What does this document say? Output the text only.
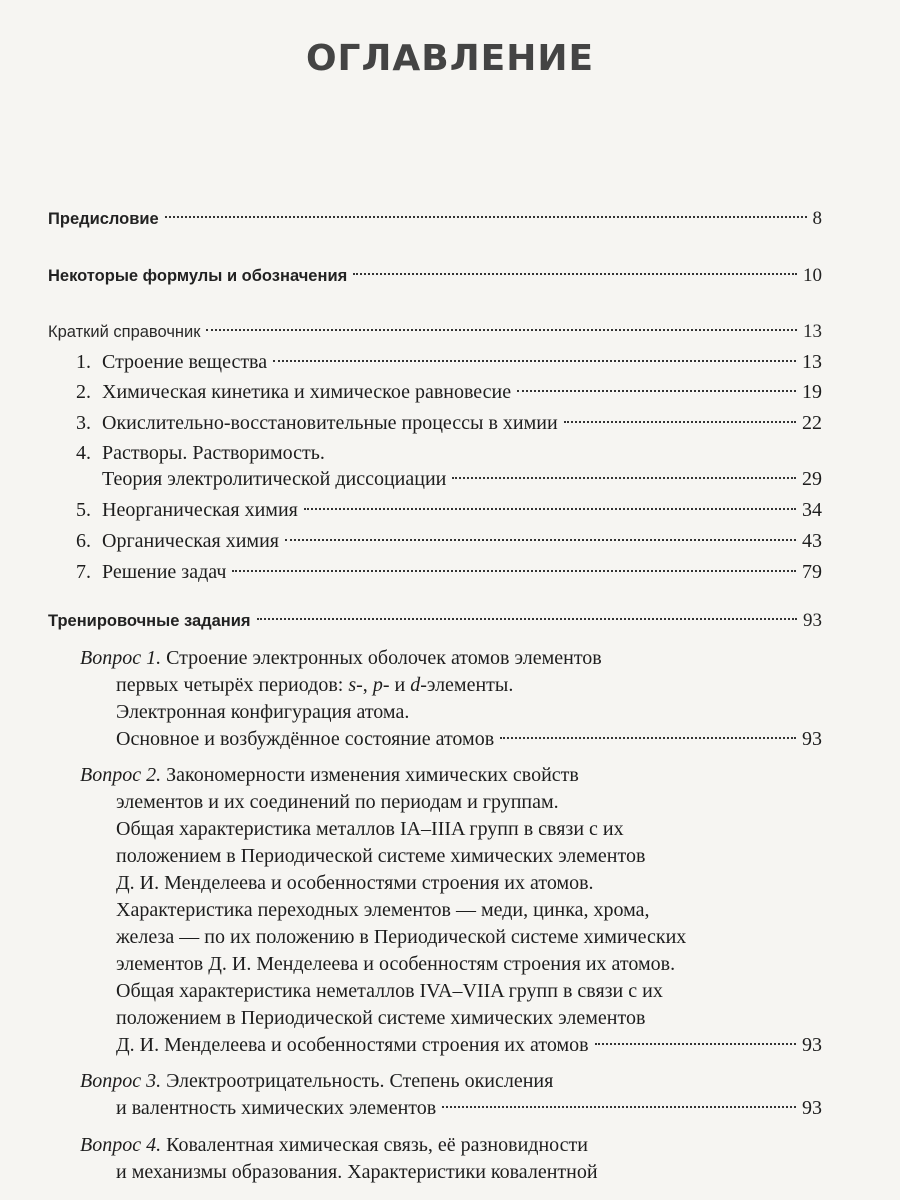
ОГЛАВЛЕНИЕ
Предисловие	8
Некоторые формулы и обозначения	10
Краткий справочник	13
1. Строение вещества	13
2. Химическая кинетика и химическое равновесие	19
3. Окислительно-восстановительные процессы в химии	22
4. Растворы. Растворимость.
Теория электролитической диссоциации	29
5. Неорганическая химия	34
6. Органическая химия	43
7. Решение задач	79
Тренировочные задания	93
Вопрос 1. Строение электронных оболочек атомов элементов
первых четырёх периодов: s-, p- и d-элементы.
Электронная конфигурация атома.
Основное и возбуждённое состояние атомов	93
Вопрос 2. Закономерности изменения химических свойств
элементов и их соединений по периодам и группам.
Общая характеристика металлов IA–IIIA групп в связи с их
положением в Периодической системе химических элементов
Д. И. Менделеева и особенностями строения их атомов.
Характеристика переходных элементов — меди, цинка, хрома,
железа — по их положению в Периодической системе химических
элементов Д. И. Менделеева и особенностям строения их атомов.
Общая характеристика неметаллов IVA–VIIA групп в связи с их
положением в Периодической системе химических элементов
Д. И. Менделеева и особенностями строения их атомов	93
Вопрос 3. Электроотрицательность. Степень окисления
и валентность химических элементов	93
Вопрос 4. Ковалентная химическая связь, её разновидности
и механизмы образования. Характеристики ковалентной
